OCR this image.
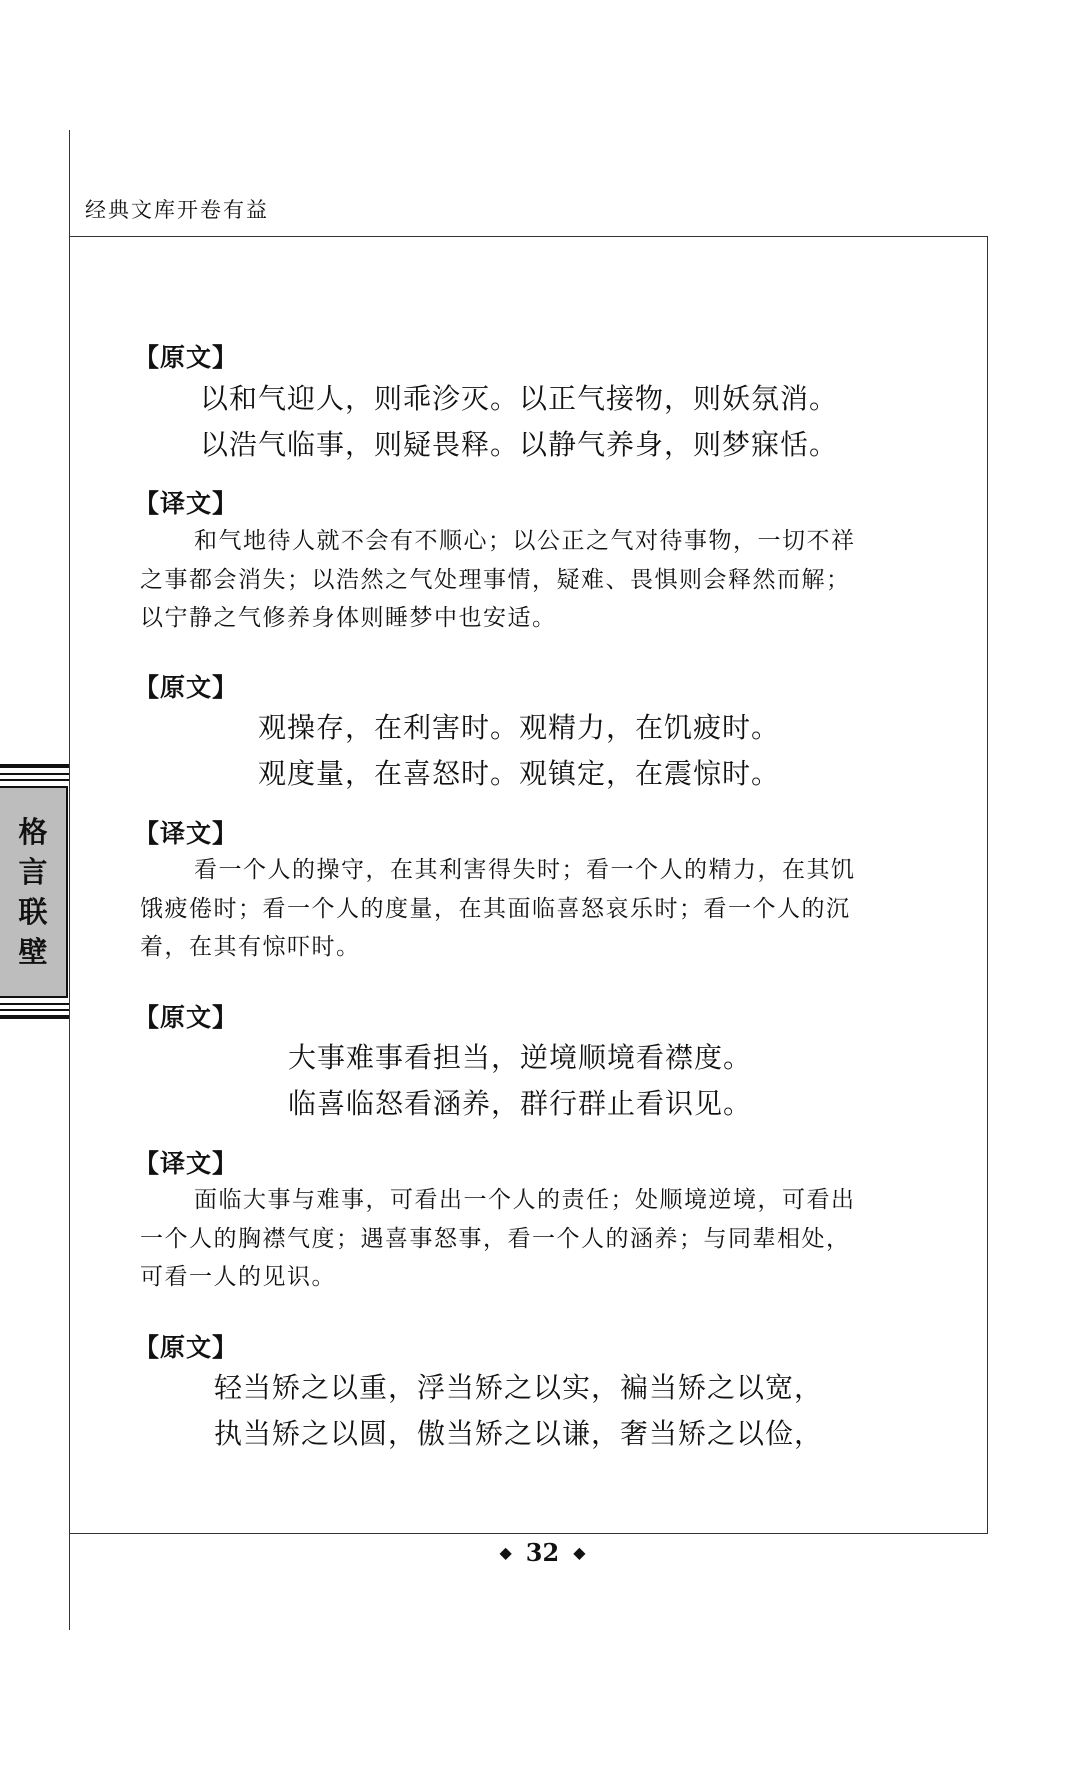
经典文库开卷有益
格
言
联
壁
【原文】
以和气迎人，则乖沴灭。以正气接物，则妖氛消。
以浩气临事，则疑畏释。以静气养身，则梦寐恬。
【译文】

和气地待人就不会有不顺心；以公正之气对待事物，一切不祥

之事都会消失；以浩然之气处理事情，疑难、畏惧则会释然而解；

以宁静之气修养身体则睡梦中也安适。

【原文】
观操存，在利害时。观精力，在饥疲时。
观度量，在喜怒时。观镇定，在震惊时。
【译文】

看一个人的操守，在其利害得失时；看一个人的精力，在其饥

饿疲倦时；看一个人的度量，在其面临喜怒哀乐时；看一个人的沉

着，在其有惊吓时。

【原文】
大事难事看担当，逆境顺境看襟度。
临喜临怒看涵养，群行群止看识见。
【译文】

面临大事与难事，可看出一个人的责任；处顺境逆境，可看出

一个人的胸襟气度；遇喜事怒事，看一个人的涵养；与同辈相处，

可看一人的见识。

【原文】
轻当矫之以重，浮当矫之以实，褊当矫之以宽，
执当矫之以圆，傲当矫之以谦，奢当矫之以俭，
◆ 32 ◆
